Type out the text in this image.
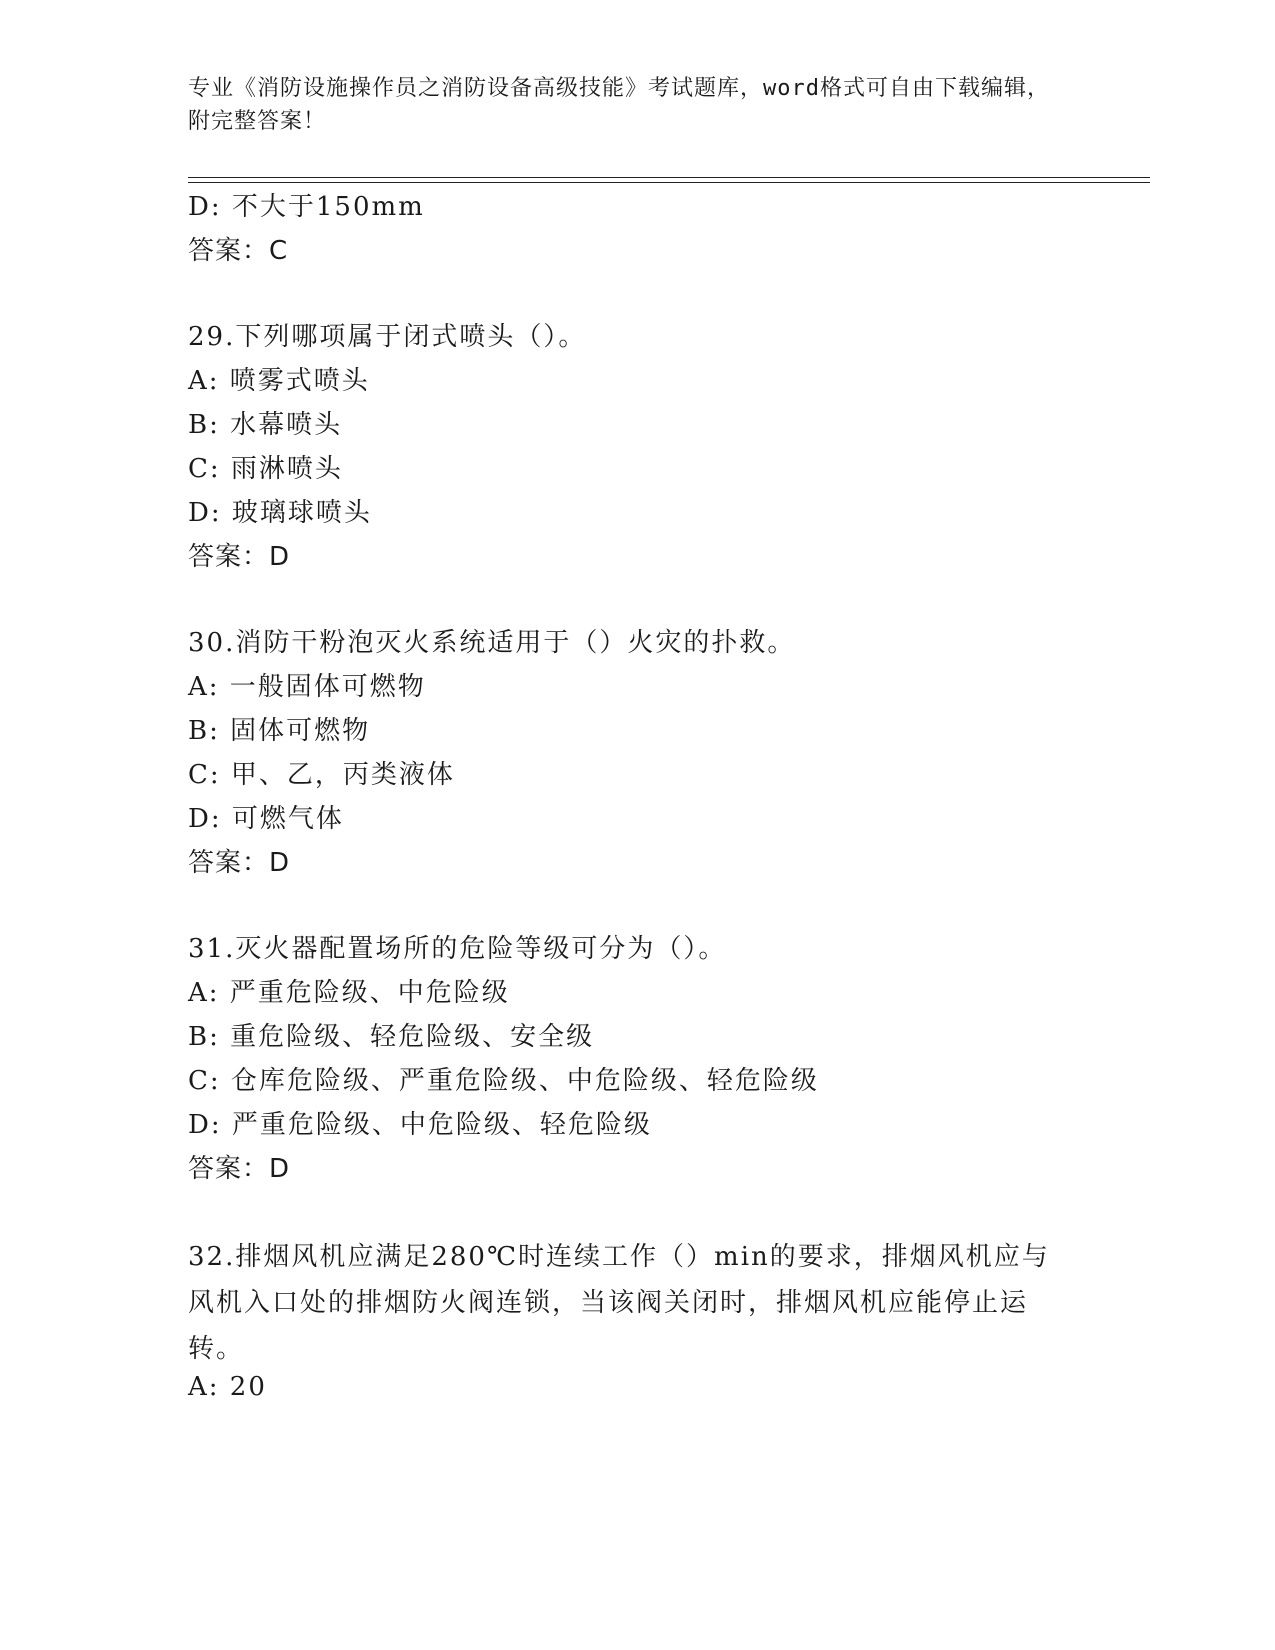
专业《消防设施操作员之消防设备高级技能》考试题库，word格式可自由下载编辑，附完整答案！
D: 不大于150mm
答案：C
29.下列哪项属于闭式喷头（）。
A: 喷雾式喷头
B: 水幕喷头
C: 雨淋喷头
D: 玻璃球喷头
答案：D
30.消防干粉泡灭火系统适用于（）火灾的扑救。
A: 一般固体可燃物
B: 固体可燃物
C: 甲、乙，丙类液体
D: 可燃气体
答案：D
31.灭火器配置场所的危险等级可分为（）。
A: 严重危险级、中危险级
B: 重危险级、轻危险级、安全级
C: 仓库危险级、严重危险级、中危险级、轻危险级
D: 严重危险级、中危险级、轻危险级
答案：D
32.排烟风机应满足280℃时连续工作（）min的要求，排烟风机应与风机入口处的排烟防火阀连锁，当该阀关闭时，排烟风机应能停止运转。
A: 20
